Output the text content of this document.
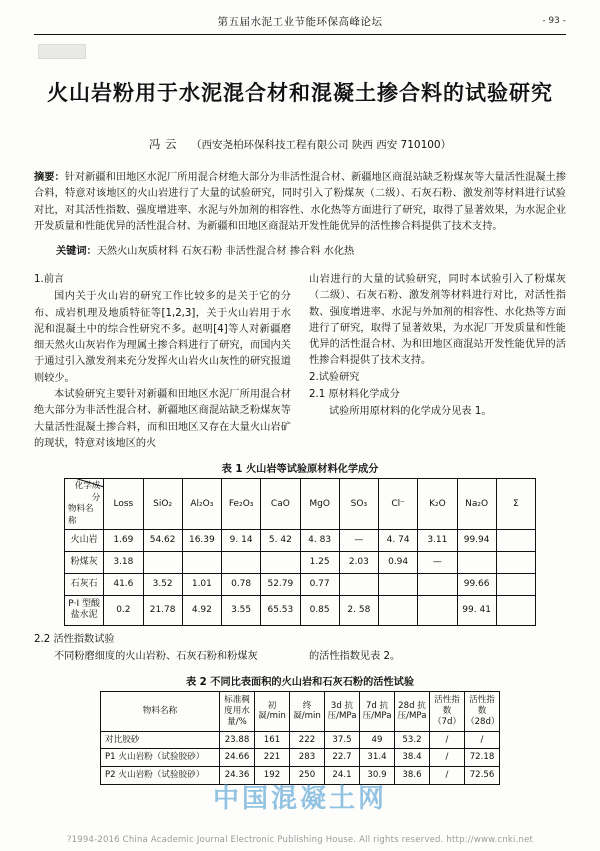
第五届水泥工业节能环保高峰论坛	- 93 -
火山岩粉用于水泥混合材和混凝土掺合料的试验研究
冯 云 （西安尧柏环保科技工程有限公司 陕西 西安 710100）
摘要：针对新疆和田地区水泥厂所用混合材绝大部分为非活性混合材、新疆地区商混站缺乏粉煤灰等大量活性混凝土掺合料，特意对该地区的火山岩进行了大量的试验研究，同时引入了粉煤灰（二级）、石灰石粉、激发剂等材料进行试验对比，对其活性指数、强度增进率、水泥与外加剂的相容性、水化热等方面进行了研究，取得了显著效果，为水泥企业开发质量和性能优异的活性混合材、为新疆和田地区商混站开发性能优异的活性掺合料提供了技术支持。
关键词：天然火山灰质材料 石灰石粉 非活性混合材 掺合料 水化热
1.前言

国内关于火山岩的研究工作比较多的是关于它的分布、成岩机理及地质特征等[1,2,3]，关于火山岩用于水泥和混凝土中的综合性研究不多。赵明[4]等人对新疆磨细天然火山灰岩作为理属土掺合料进行了研究，而国内关于通过引入激发剂来充分发挥火山岩火山灰性的研究报道则较少。

本试验研究主要针对新疆和田地区水泥厂所用混合材绝大部分为非活性混合材、新疆地区商混站缺乏粉煤灰等大量活性混凝土掺合料，而和田地区又存在大量火山岩矿的现状，特意对该地区的火

山岩进行的大量的试验研究，同时本试验引入了粉煤灰（二级）、石灰石粉、激发剂等材料进行对比，对活性指数、强度增进率、水泥与外加剂的相容性、水化热等方面进行了研究，取得了显著效果，为水泥厂开发质量和性能优异的活性混合材、为和田地区商混站开发性能优异的活性掺合料提供了技术支持。

2.试验研究
2.1 原材料化学成分

试验所用原材料的化学成分见表 1。

表 1 火山岩等试验原材料化学成分
化学成分
物料名称	Loss	SiO₂	Al₂O₃	Fe₂O₃	CaO	MgO	SO₃	Cl⁻	K₂O	Na₂O	Σ
火山岩	1.69	54.62	16.39	9. 14	5. 42	4. 83	—	4. 74	3.11	99.94	
粉煤灰	3.18					1.25	2.03	0.94	—		
石灰石	41.6	3.52	1.01	0.78	52.79	0.77				99.66	
P·I 型酸盐水泥	0.2	21.78	4.92	3.55	65.53	0.85	2. 58			99. 41	
2.2 活性指数试验

不同粉磨细度的火山岩粉、石灰石粉和粉煤灰	的活性指数见表 2。

表 2 不同比表面积的火山岩和石灰石粉的活性试验
物料名称	标准稠度用水量/%	初凝/min	终凝/min	3d 抗压/MPa	7d 抗压/MPa	28d 抗压/MPa	活性指数（7d）	活性指数（28d）
对比胶砂	23.88	161	222	37.5	49	53.2	/	/
P1 火山岩粉（试验胶砂）	24.66	221	283	22.7	31.4	38.4	/	72.18
P2 火山岩粉（试验胶砂）	24.36	192	250	24.1	30.9	38.6	/	72.56
中国混凝土网
?1994-2016 China Academic Journal Electronic Publishing House. All rights reserved. http://www.cnki.net
